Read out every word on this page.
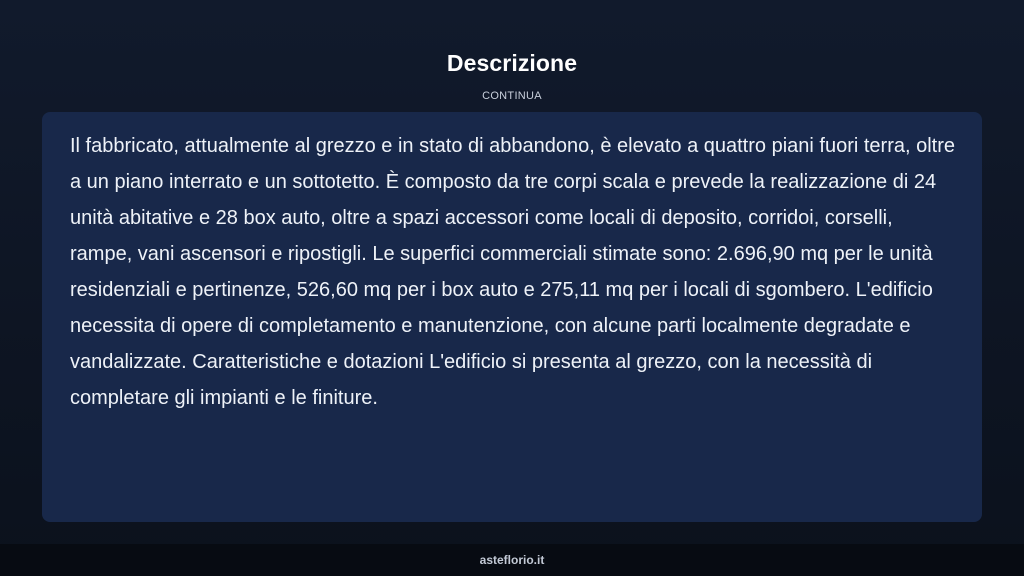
Descrizione
CONTINUA

Il fabbricato, attualmente al grezzo e in stato di abbandono, è elevato a quattro piani fuori terra, oltre a un piano interrato e un sottotetto. È composto da tre corpi scala e prevede la realizzazione di 24 unità abitative e 28 box auto, oltre a spazi accessori come locali di deposito, corridoi, corselli, rampe, vani ascensori e ripostigli. Le superfici commerciali stimate sono: 2.696,90 mq per le unità residenziali e pertinenze, 526,60 mq per i box auto e 275,11 mq per i locali di sgombero. L'edificio necessita di opere di completamento e manutenzione, con alcune parti localmente degradate e vandalizzate. Caratteristiche e dotazioni L'edificio si presenta al grezzo, con la necessità di completare gli impianti e le finiture.

asteflorio.it
